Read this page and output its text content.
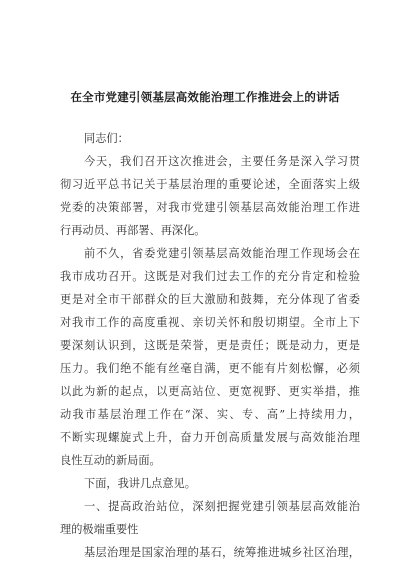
在全市党建引领基层高效能治理工作推进会上的讲话
同志们：
今天，我们召开这次推进会，主要任务是深入学习贯
彻习近平总书记关于基层治理的重要论述，全面落实上级
党委的决策部署，对我市党建引领基层高效能治理工作进
行再动员、再部署、再深化。
前不久，省委党建引领基层高效能治理工作现场会在
我市成功召开。这既是对我们过去工作的充分肯定和检验
更是对全市干部群众的巨大激励和鼓舞，充分体现了省委
对我市工作的高度重视、亲切关怀和殷切期望。全市上下
要深刻认识到，这既是荣誉，更是责任；既是动力，更是
压力。我们绝不能有丝毫自满，更不能有片刻松懈，必须
以此为新的起点，以更高站位、更宽视野、更实举措，推
动我市基层治理工作在“深、实、专、高”上持续用力，
不断实现螺旋式上升，奋力开创高质量发展与高效能治理
良性互动的新局面。
下面，我讲几点意见。
一、提高政治站位，深刻把握党建引领基层高效能治
理的极端重要性
基层治理是国家治理的基石，统筹推进城乡社区治理，
